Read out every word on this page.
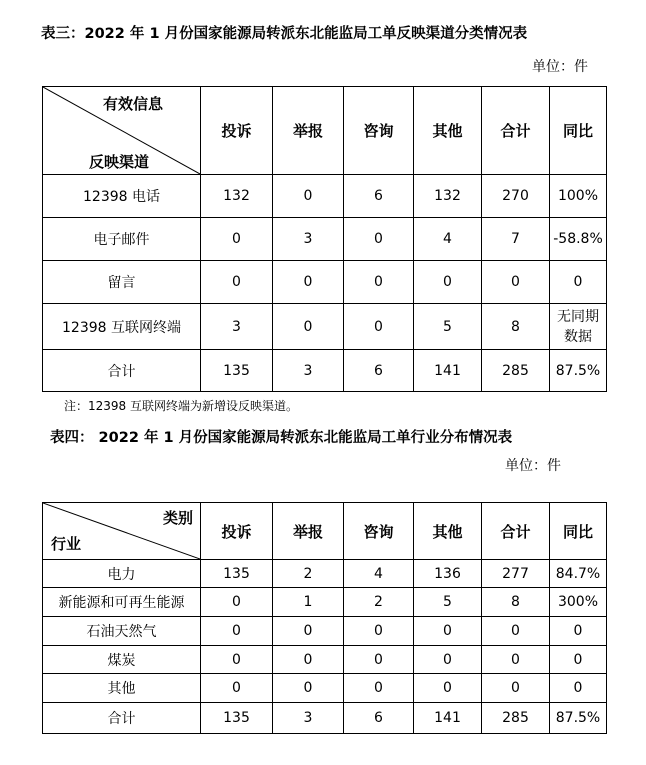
表三：2022 年 1 月份国家能源局转派东北能监局工单反映渠道分类情况表
单位：件
有效信息
反映渠道	投诉	举报	咨询	其他	合计	同比
12398 电话	132	0	6	132	270	100%
电子邮件	0	3	0	4	7	-58.8%
留言	0	0	0	0	0	0
12398 互联网终端	3	0	0	5	8	无同期数据
合计	135	3	6	141	285	87.5%
注：12398 互联网终端为新增设反映渠道。
表四： 2022 年 1 月份国家能源局转派东北能监局工单行业分布情况表
单位：件
类别
行业	投诉	举报	咨询	其他	合计	同比
电力	135	2	4	136	277	84.7%
新能源和可再生能源	0	1	2	5	8	300%
石油天然气	0	0	0	0	0	0
煤炭	0	0	0	0	0	0
其他	0	0	0	0	0	0
合计	135	3	6	141	285	87.5%
